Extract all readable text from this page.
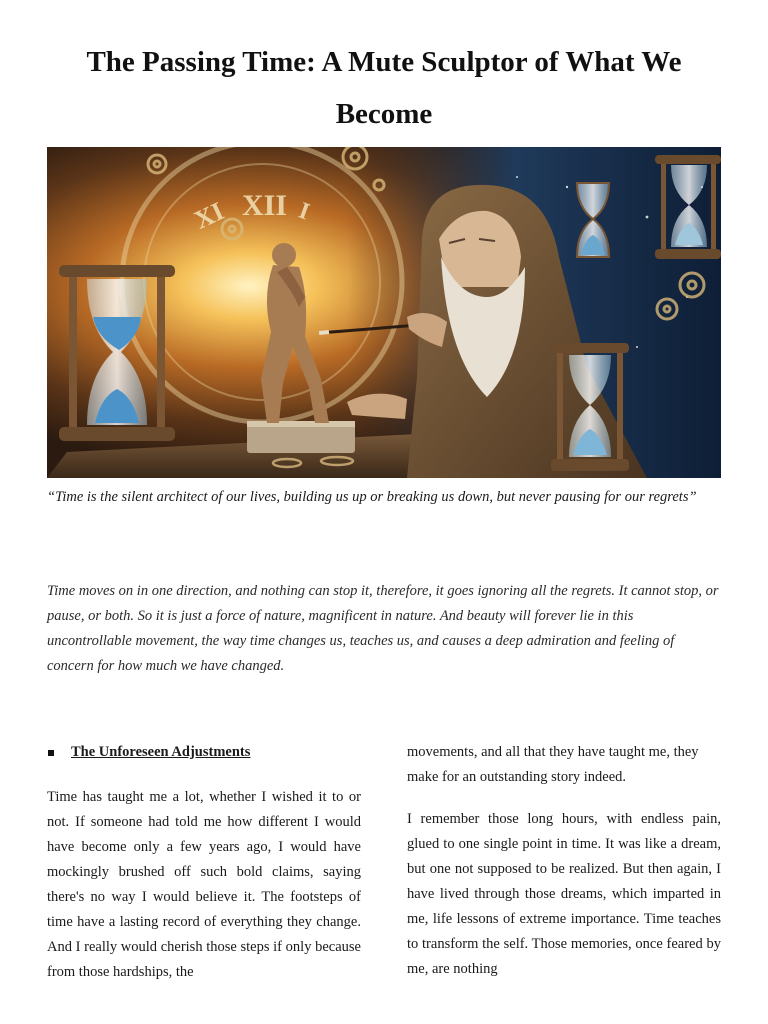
The Passing Time: A Mute Sculptor of What We Become
XII
XI	I

“Time is the silent architect of our lives, building us up or breaking us down, but never pausing for our regrets”

Time moves on in one direction, and nothing can stop it, therefore, it goes ignoring all the regrets. It cannot stop, or pause, or both. So it is just a force of nature, magnificent in nature. And beauty will forever lie in this uncontrollable movement, the way time changes us, teaches us, and causes a deep admiration and feeling of concern for how much we have changed.

The Unforeseen Adjustments

Time has taught me a lot, whether I wished it to or not. If someone had told me how different I would have become only a few years ago, I would have mockingly brushed off such bold claims, saying there's no way I would believe it. The footsteps of time have a lasting record of everything they change. And I really would cherish those steps if only because from those hardships, the

movements, and all that they have taught me, they make for an outstanding story indeed.

I remember those long hours, with endless pain, glued to one single point in time. It was like a dream, but one not supposed to be realized. But then again, I have lived through those dreams, which imparted in me, life lessons of extreme importance. Time teaches to transform the self. Those memories, once feared by me, are nothing
